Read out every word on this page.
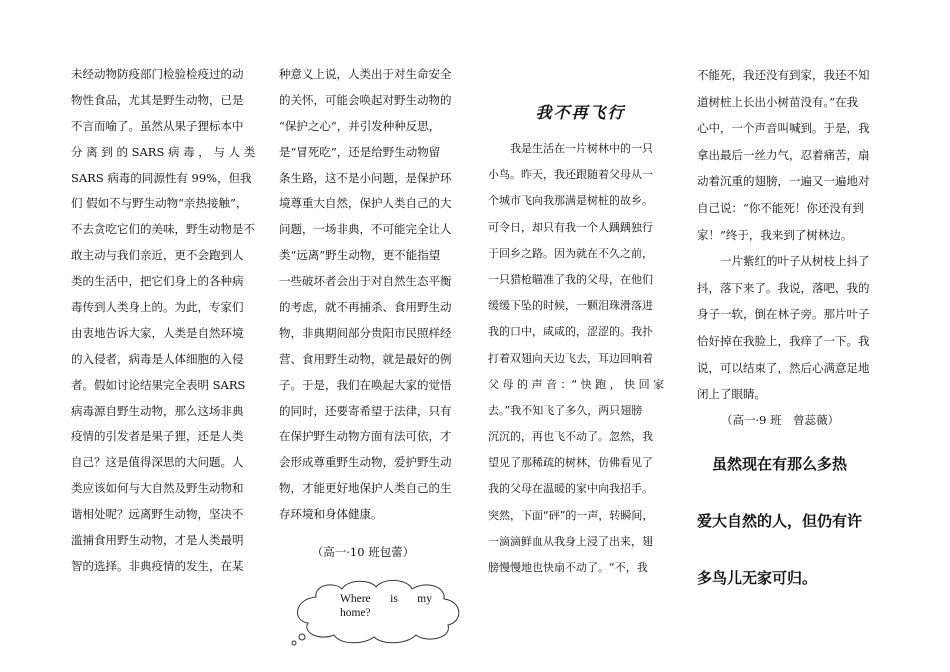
未经动物防疫部门检验检疫过的动
物性食品，尤其是野生动物，已是
不言而喻了。虽然从果子狸标本中
分 离 到 的 SARS 病 毒 ， 与 人 类
SARS 病毒的同源性有 99%，但我
们 假如不与野生动物“亲热接触”，
不去贪吃它们的美味，野生动物是不
敢主动与我们亲近，更不会跑到人
类的生活中，把它们身上的各种病
毒传到人类身上的。为此，专家们
由衷地告诉大家，人类是自然环境
的入侵者，病毒是人体细胞的入侵
者。假如讨论结果完全表明 SARS
病毒源自野生动物，那么这场非典
疫情的引发者是果子狸，还是人类
自己？这是值得深思的大问题。人
类应该如何与大自然及野生动物和
谐相处呢？远离野生动物，坚决不
滥捕食用野生动物，才是人类最明
智的选择。非典疫情的发生，在某
种意义上说，人类出于对生命安全
的关怀，可能会唤起对野生动物的
“保护之心“，并引发种种反思，
是“冒死吃”，还是给野生动物留
条生路，这不是小问题，是保护环
境尊重大自然，保护人类自己的大
问题，一场非典，不可能完全让人
类“远离”野生动物，更不能指望
一些破坏者会出于对自然生态平衡
的考虑，就不再捕杀、食用野生动
物，非典期间部分贵阳市民照样经
营、食用野生动物，就是最好的例
子。于是，我们在唤起大家的觉悟
的同时，还要寄希望于法律，只有
在保护野生动物方面有法可依，才
会形成尊重野生动物，爱护野生动
物，才能更好地保护人类自己的生
存环境和身体健康。
（高一·10 班包蕾）
Where is my
home?
我不再飞行
　　我是生活在一片树林中的一只
小鸟。昨天，我还跟随着父母从一
个城市飞向我那满是树桩的故乡。
可令日，却只有我一个人踽踽独行
于回乡之路。因为就在不久之前，
一只猎枪瞄准了我的父母，在他们
缓缓下坠的时候，一颗泪珠滑落进
我的口中，咸咸的，涩涩的。我扑
打着双翅向天边飞去，耳边回响着
父 母 的 声 音 ：“ 快 跑 ， 快 回 家
去。”我不知飞了多久，两只翅膀
沉沉的，再也飞不动了。忽然，我
望见了那稀疏的树林，仿佛看见了
我的父母在温暖的家中向我招手。
突然，下面“砰”的一声，转瞬间，
一滴滴鲜血从我身上浸了出来，翅
膀慢慢地也快扇不动了。“不，我
不能死，我还没有到家，我还不知
道树桩上长出小树苗没有。”在我
心中，一个声音叫喊到。于是，我
拿出最后一丝力气，忍着痛苦，扇
动着沉重的翅膀，一遍又一遍地对
自己说：“你不能死！你还没有到
家！”终于，我来到了树林边。
　　一片紫红的叶子从树枝上抖了
抖，落下来了。我说，落吧，我的
身子一软，倒在林子旁。那片叶子
恰好掉在我脸上，我痒了一下。我
说，可以结束了，然后心满意足地
闭上了眼睛。
（高一·9 班　曾蕊薇）
　虽然现在有那么多热
爱大自然的人，但仍有许
多鸟儿无家可归。
